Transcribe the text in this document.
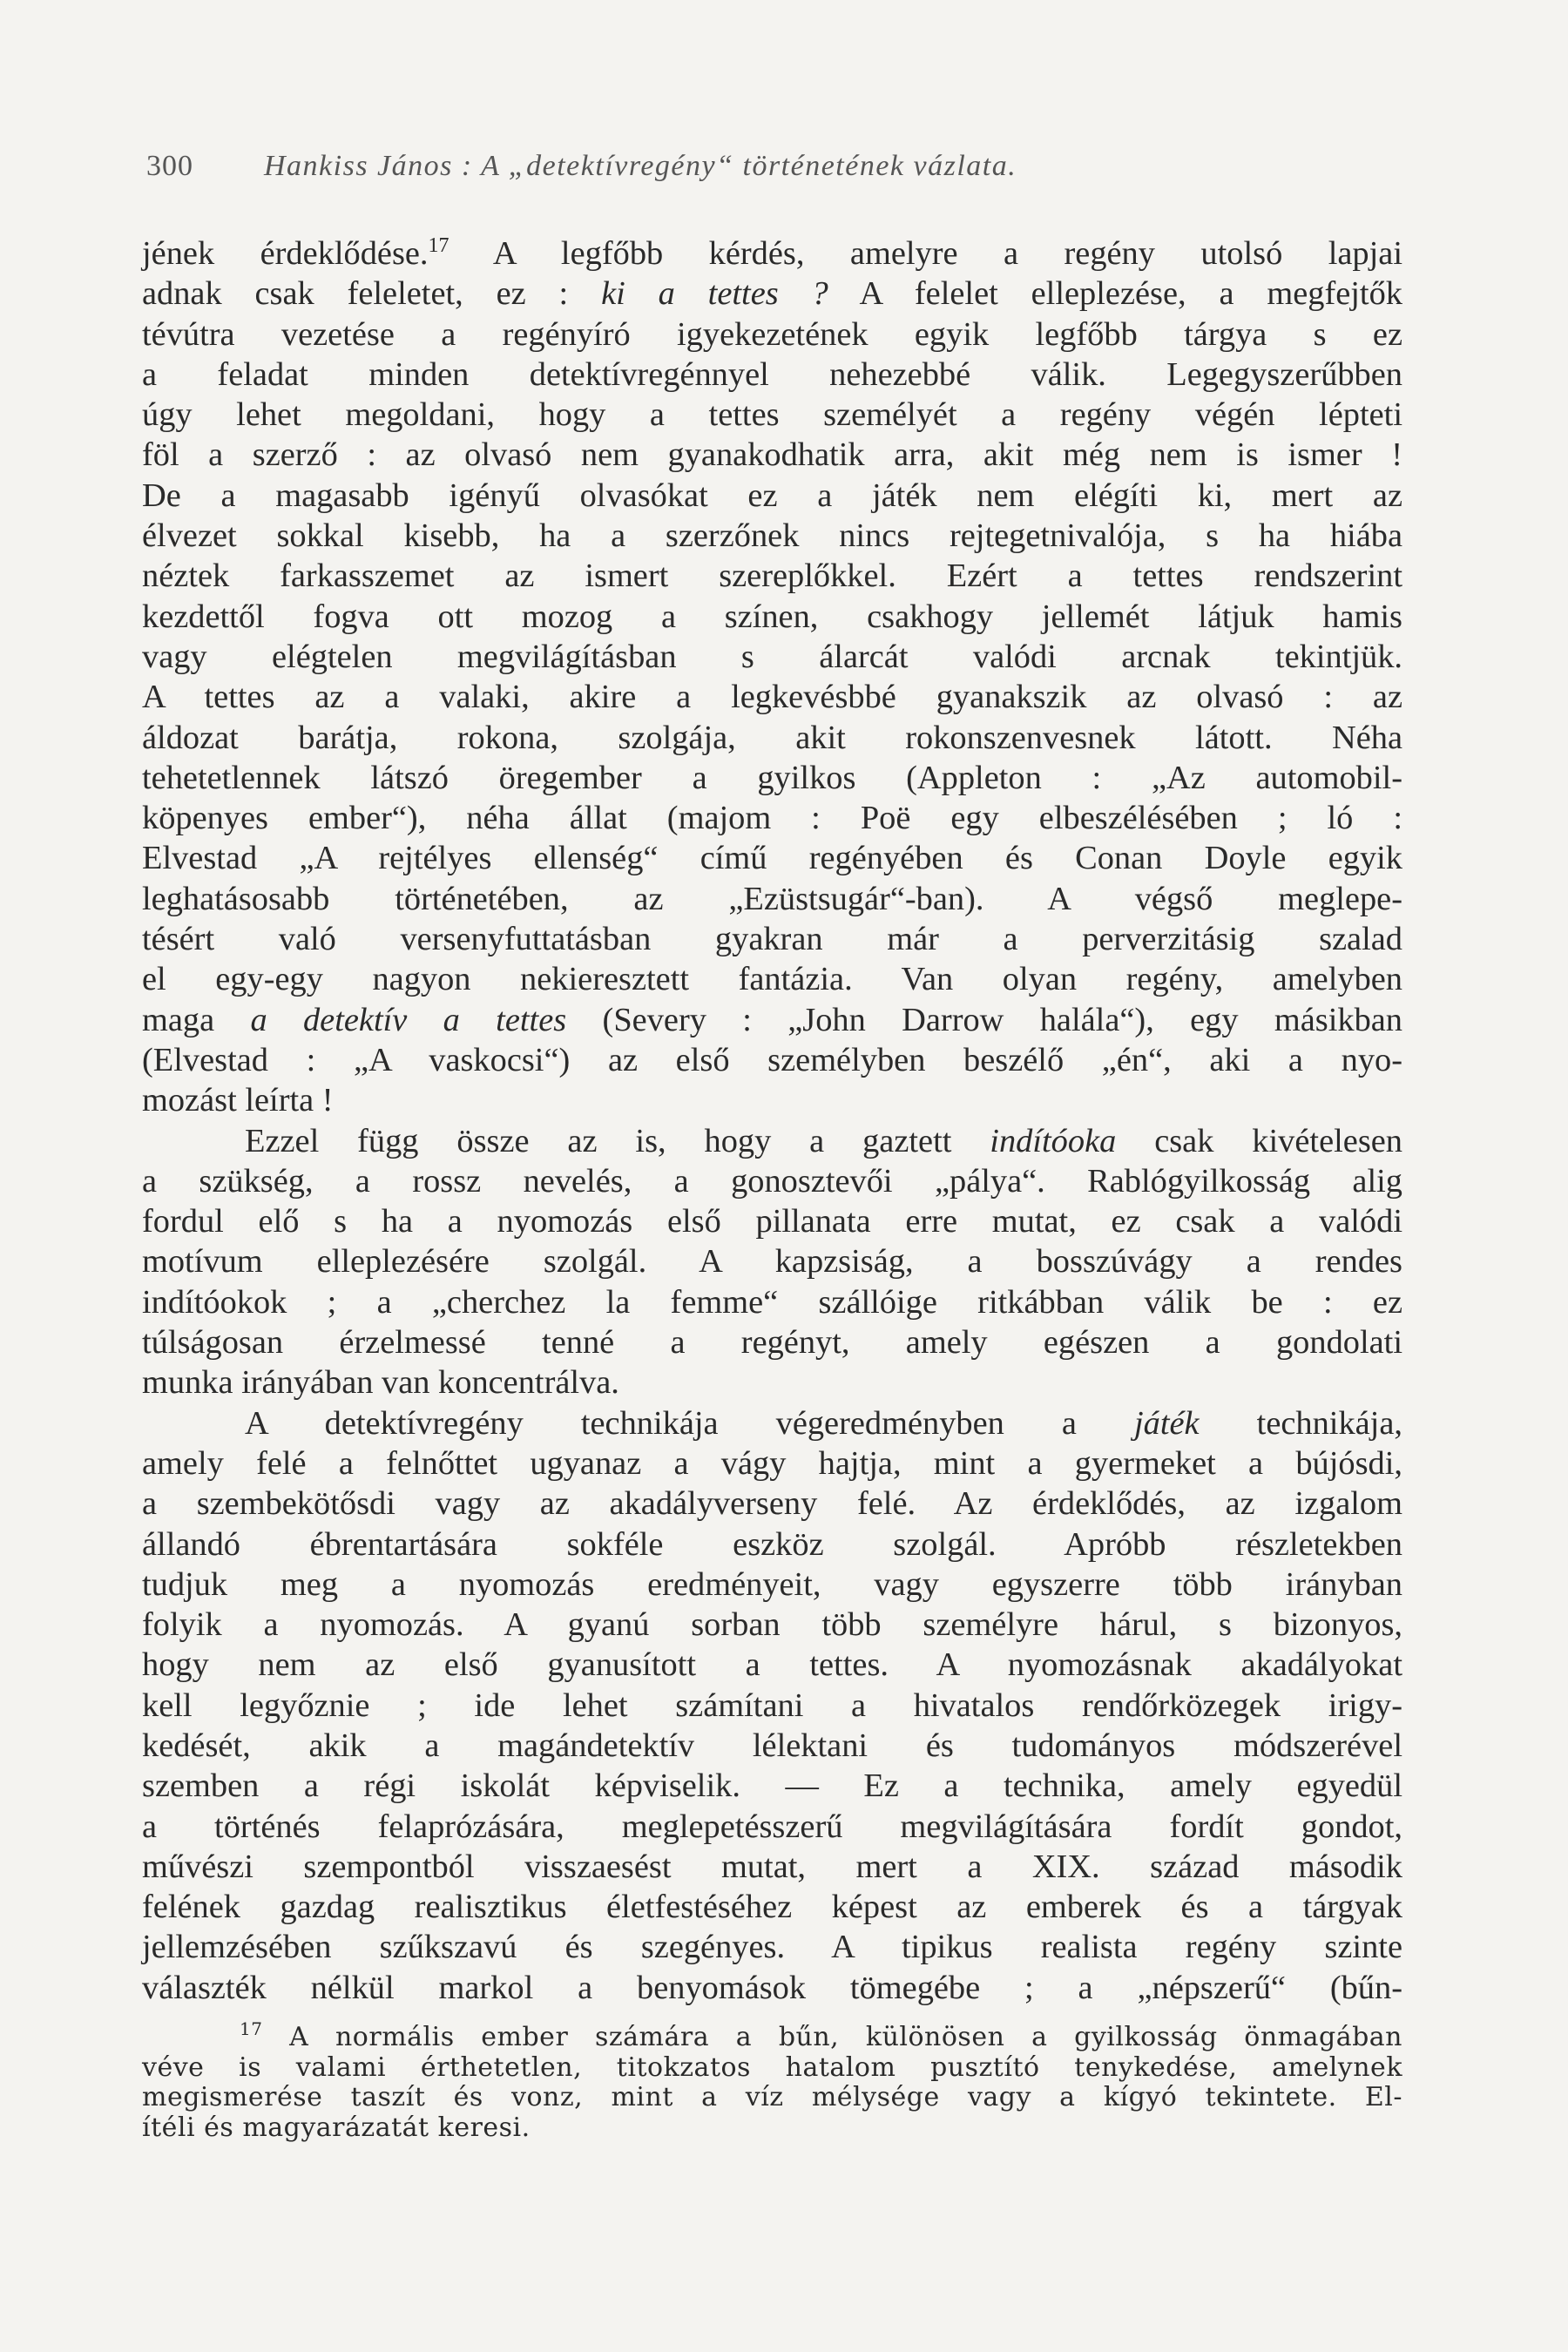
300 Hankiss János : A „detektívregény“ történetének vázlata.
jének érdeklődése.$^{17}$ A legfőbb kérdés, amelyre a regény utolsó lapjai
adnak csak feleletet, ez : ki a tettes ? A felelet elleplezése, a megfejtők
tévútra vezetése a regényíró igyekezetének egyik legfőbb tárgya s ez
a feladat minden detektívregénnyel nehezebbé válik. Legegyszerűbben
úgy lehet megoldani, hogy a tettes személyét a regény végén lépteti
föl a szerző : az olvasó nem gyanakodhatik arra, akit még nem is ismer !
De a magasabb igényű olvasókat ez a játék nem elégíti ki, mert az
élvezet sokkal kisebb, ha a szerzőnek nincs rejtegetnivalója, s ha hiába
néztek farkasszemet az ismert szereplőkkel. Ezért a tettes rendszerint
kezdettől fogva ott mozog a színen, csakhogy jellemét látjuk hamis
vagy elégtelen megvilágításban s álarcát valódi arcnak tekintjük.
A tettes az a valaki, akire a legkevésbbé gyanakszik az olvasó : az
áldozat barátja, rokona, szolgája, akit rokonszenvesnek látott. Néha
tehetetlennek látszó öregember a gyilkos (Appleton : „Az automobil-
köpenyes ember“), néha állat (majom : Poë egy elbeszélésében ; ló :
Elvestad „A rejtélyes ellenség“ című regényében és Conan Doyle egyik
leghatásosabb történetében, az „Ezüstsugár“-ban). A végső meglepe-
tésért való versenyfuttatásban gyakran már a perverzitásig szalad
el egy-egy nagyon nekieresztett fantázia. Van olyan regény, amelyben
maga a detektív a tettes (Severy : „John Darrow halála“), egy másikban
(Elvestad : „A vaskocsi“) az első személyben beszélő „én“, aki a nyo-
mozást leírta !
Ezzel függ össze az is, hogy a gaztett indítóoka csak kivételesen
a szükség, a rossz nevelés, a gonosztevői „pálya“. Rablógyilkosság alig
fordul elő s ha a nyomozás első pillanata erre mutat, ez csak a valódi
motívum elleplezésére szolgál. A kapzsiság, a bosszúvágy a rendes
indítóokok ; a „cherchez la femme“ szállóige ritkábban válik be : ez
túlságosan érzelmessé tenné a regényt, amely egészen a gondolati
munka irányában van koncentrálva.
A detektívregény technikája végeredményben a játék technikája,
amely felé a felnőttet ugyanaz a vágy hajtja, mint a gyermeket a bújósdi,
a szembekötősdi vagy az akadályverseny felé. Az érdeklődés, az izgalom
állandó ébrentartására sokféle eszköz szolgál. Apróbb részletekben
tudjuk meg a nyomozás eredményeit, vagy egyszerre több irányban
folyik a nyomozás. A gyanú sorban több személyre hárul, s bizonyos,
hogy nem az első gyanusított a tettes. A nyomozásnak akadályokat
kell legyőznie ; ide lehet számítani a hivatalos rendőrközegek irigy-
kedését, akik a magándetektív lélektani és tudományos módszerével
szemben a régi iskolát képviselik. — Ez a technika, amely egyedül
a történés felaprózására, meglepetésszerű megvilágítására fordít gondot,
művészi szempontból visszaesést mutat, mert a XIX. század második
felének gazdag realisztikus életfestéséhez képest az emberek és a tárgyak
jellemzésében szűkszavú és szegényes. A tipikus realista regény szinte
választék nélkül markol a benyomások tömegébe ; a „népszerű“ (bűn-
$^{17}$ A normális ember számára a bűn, különösen a gyilkosság önmagában
véve is valami érthetetlen, titokzatos hatalom pusztító tenykedése, amelynek
megismerése taszít és vonz, mint a víz mélysége vagy a kígyó tekintete. El-
ítéli és magyarázatát keresi.
